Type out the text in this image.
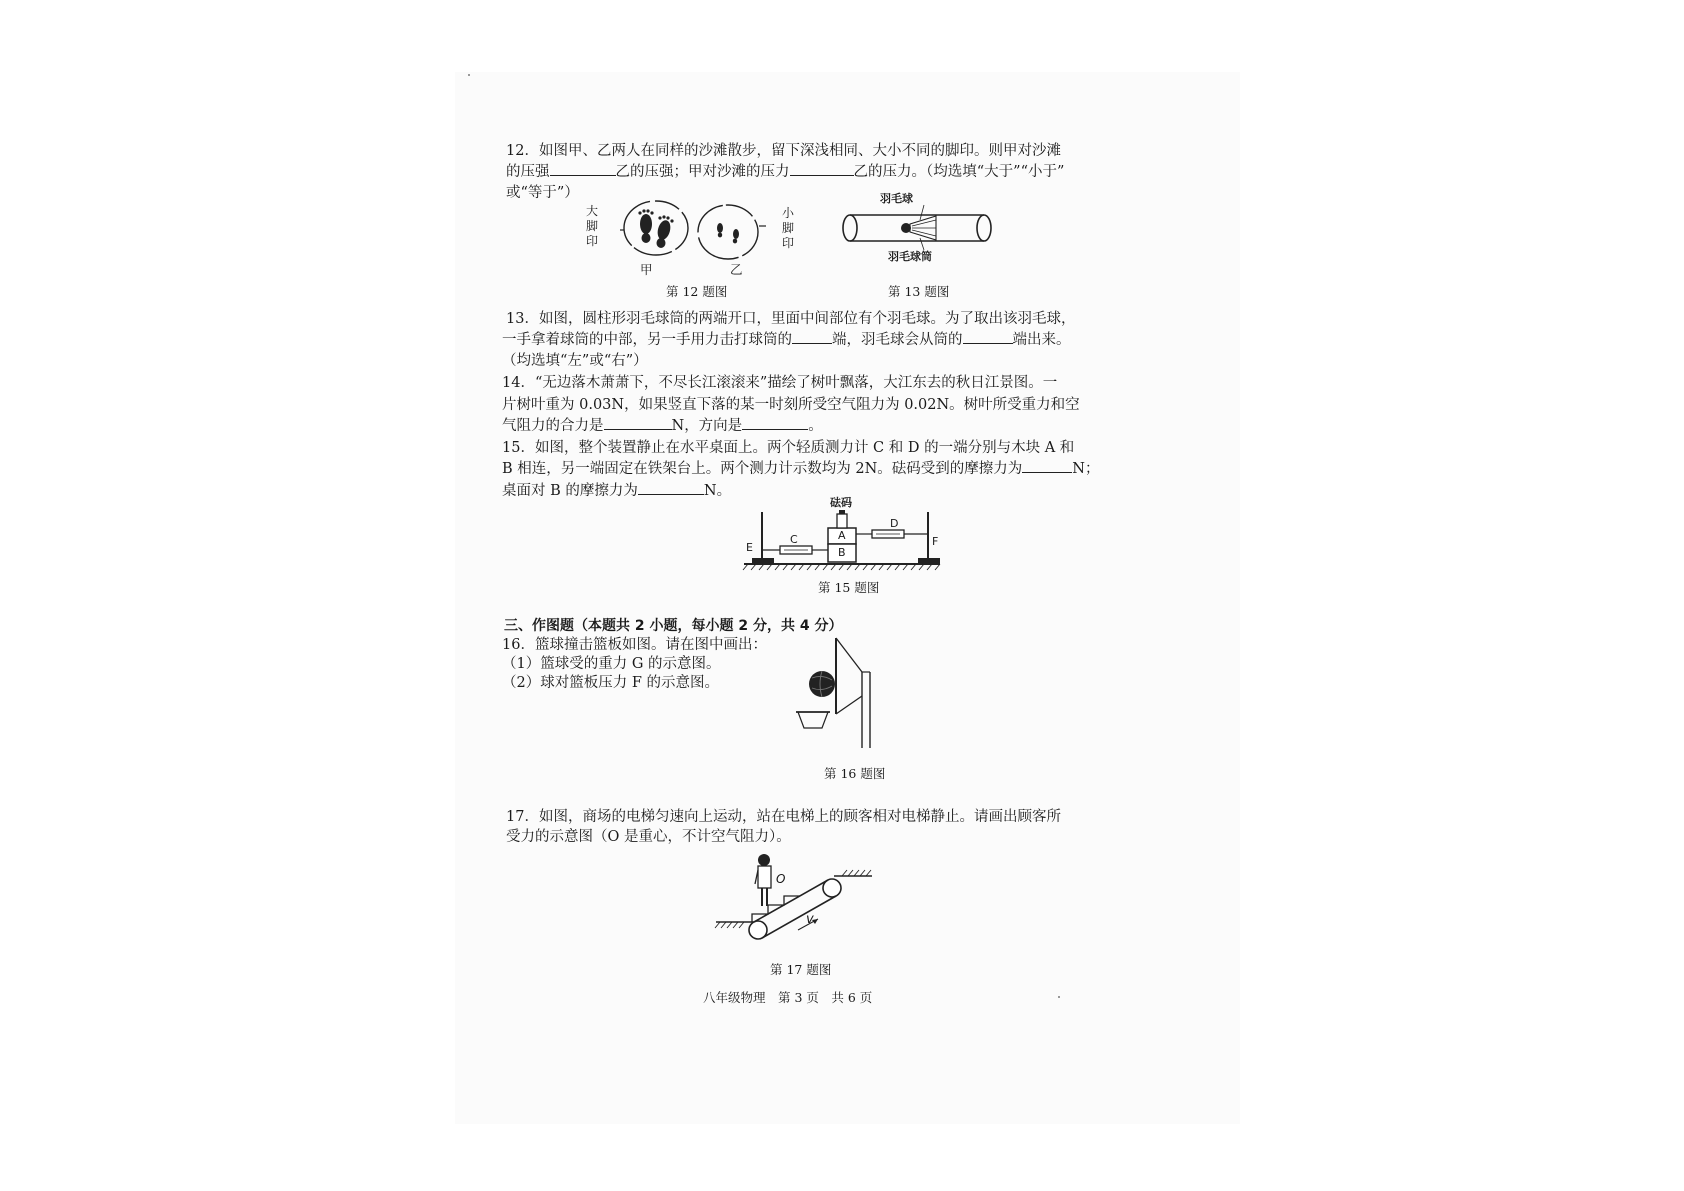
12．如图甲、乙两人在同样的沙滩散步，留下深浅相同、大小不同的脚印。则甲对沙滩
的压强	乙的压强；甲对沙滩的压力	乙的压力。（均选填“大于”“小于”
或“等于”）
大
脚
印
小
脚
印
甲	乙
第 12 题图
羽毛球
羽毛球筒
第 13 题图
13．如图，圆柱形羽毛球筒的两端开口，里面中间部位有个羽毛球。为了取出该羽毛球，
一手拿着球筒的中部，另一手用力击打球筒的	端，羽毛球会从筒的	端出来。
（均选填“左”或“右”）
14．“无边落木萧萧下，不尽长江滚滚来”描绘了树叶飘落，大江东去的秋日江景图。一
片树叶重为 0.03N，如果竖直下落的某一时刻所受空气阻力为 0.02N。树叶所受重力和空
气阻力的合力是	N，方向是	。
15．如图，整个装置静止在水平桌面上。两个轻质测力计 C 和 D 的一端分别与木块 A 和
B 相连，另一端固定在铁架台上。两个测力计示数均为 2N。砝码受到的摩擦力为	N；
桌面对 B 的摩擦力为	N。
砝码
A
B
C
D
E	F
第 15 题图
三、作图题（本题共 2 小题，每小题 2 分，共 4 分）
16．篮球撞击篮板如图。请在图中画出：
（1）篮球受的重力 G 的示意图。
（2）球对篮板压力 F 的示意图。
第 16 题图
17．如图，商场的电梯匀速向上运动，站在电梯上的顾客相对电梯静止。请画出顾客所
受力的示意图（O 是重心，不计空气阻力）。
O
v
第 17 题图
八年级物理　第 3 页　共 6 页
